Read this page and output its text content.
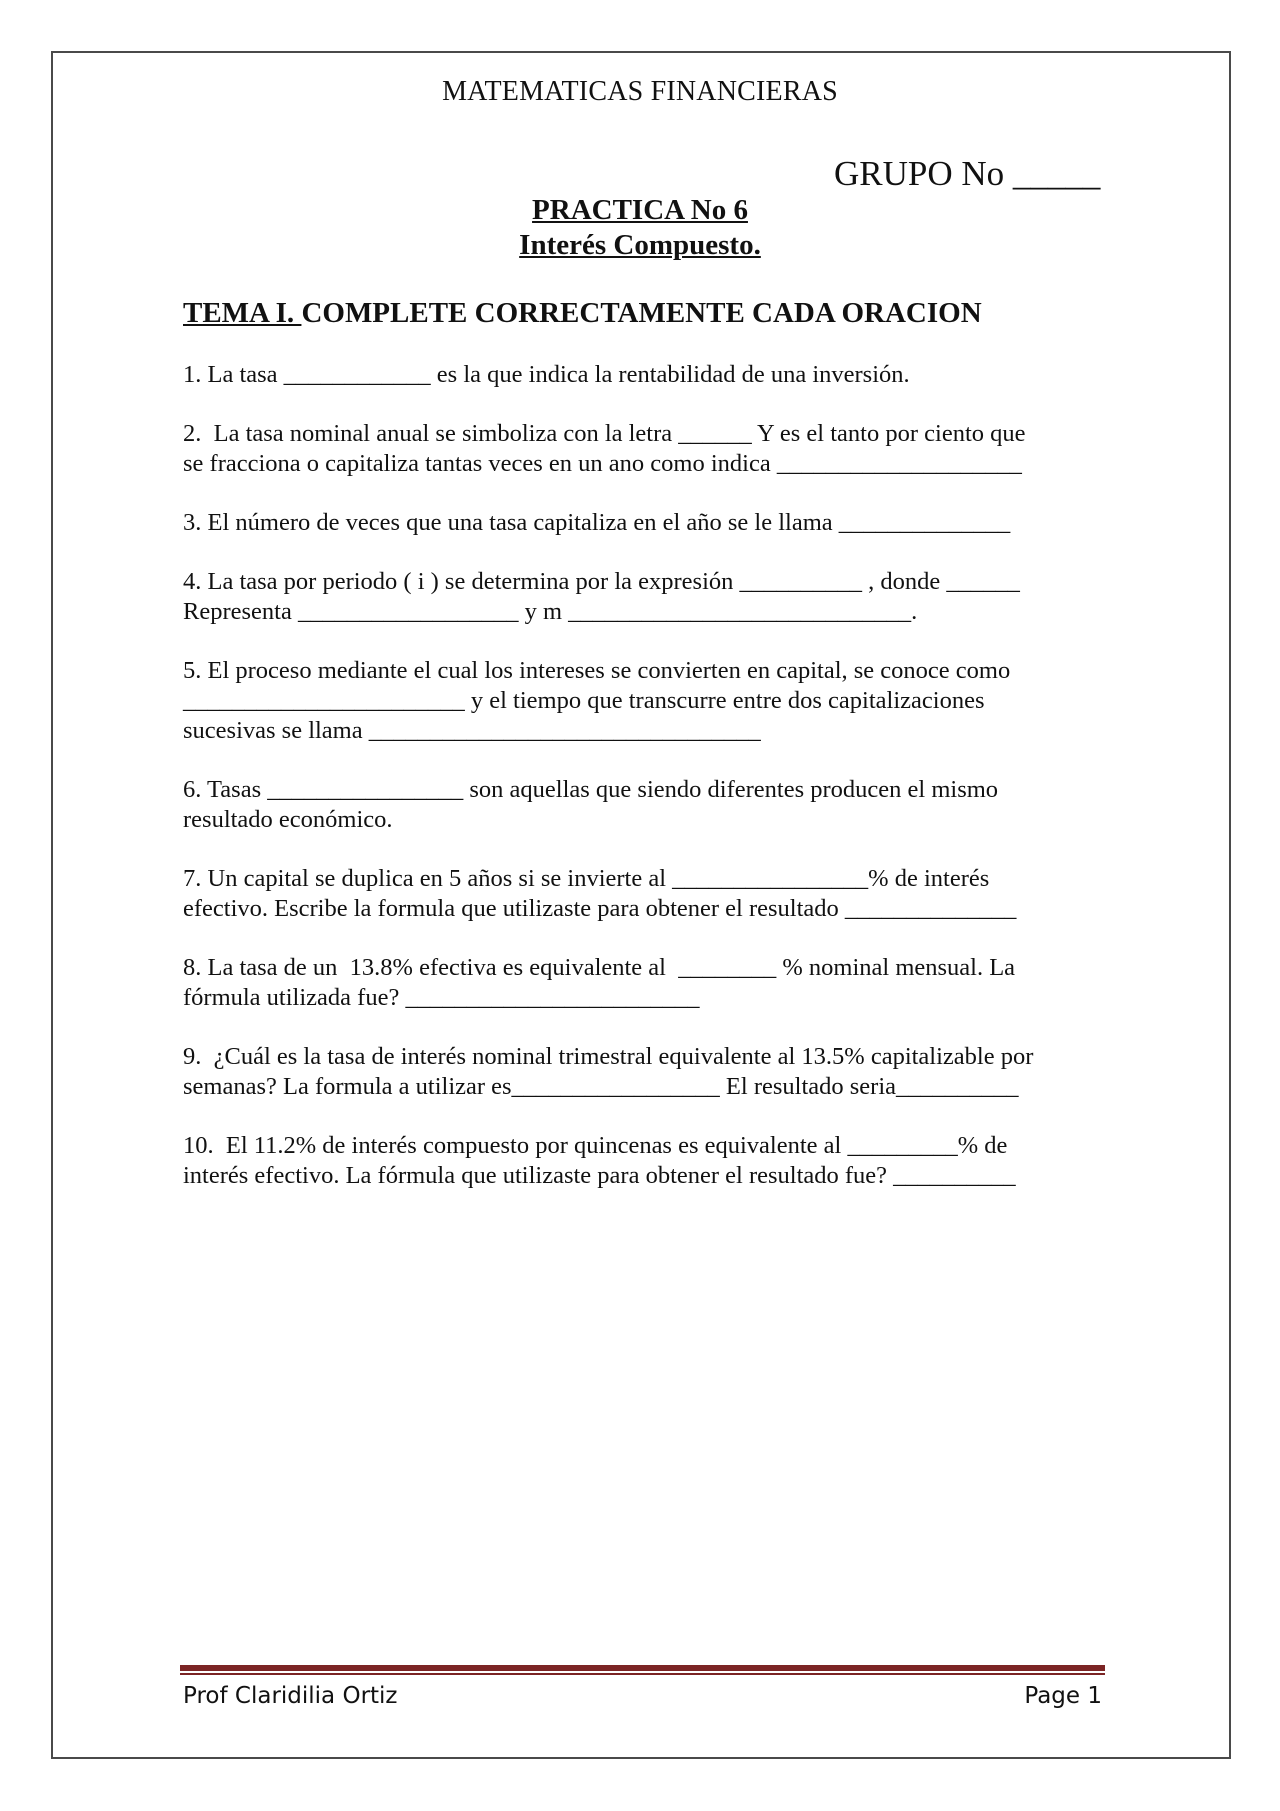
MATEMATICAS FINANCIERAS

GRUPO No _____

PRACTICA No 6
Interés Compuesto.

TEMA I. COMPLETE CORRECTAMENTE CADA ORACION

1. La tasa ____________ es la que indica la rentabilidad de una inversión.

2.  La tasa nominal anual se simboliza con la letra ______ Y es el tanto por ciento que
se fracciona o capitaliza tantas veces en un ano como indica ____________________

3. El número de veces que una tasa capitaliza en el año se le llama ______________

4. La tasa por periodo ( i ) se determina por la expresión __________ , donde ______
Representa __________________ y m ____________________________.

5. El proceso mediante el cual los intereses se convierten en capital, se conoce como
_______________________ y el tiempo que transcurre entre dos capitalizaciones
sucesivas se llama ________________________________

6. Tasas ________________ son aquellas que siendo diferentes producen el mismo
resultado económico.

7. Un capital se duplica en 5 años si se invierte al ________________% de interés
efectivo. Escribe la formula que utilizaste para obtener el resultado ______________

8. La tasa de un  13.8% efectiva es equivalente al  ________ % nominal mensual. La
fórmula utilizada fue? ________________________

9.  ¿Cuál es la tasa de interés nominal trimestral equivalente al 13.5% capitalizable por
semanas? La formula a utilizar es_________________ El resultado seria__________

10.  El 11.2% de interés compuesto por quincenas es equivalente al _________% de
interés efectivo. La fórmula que utilizaste para obtener el resultado fue? __________

Prof Claridilia Ortiz	Page 1
